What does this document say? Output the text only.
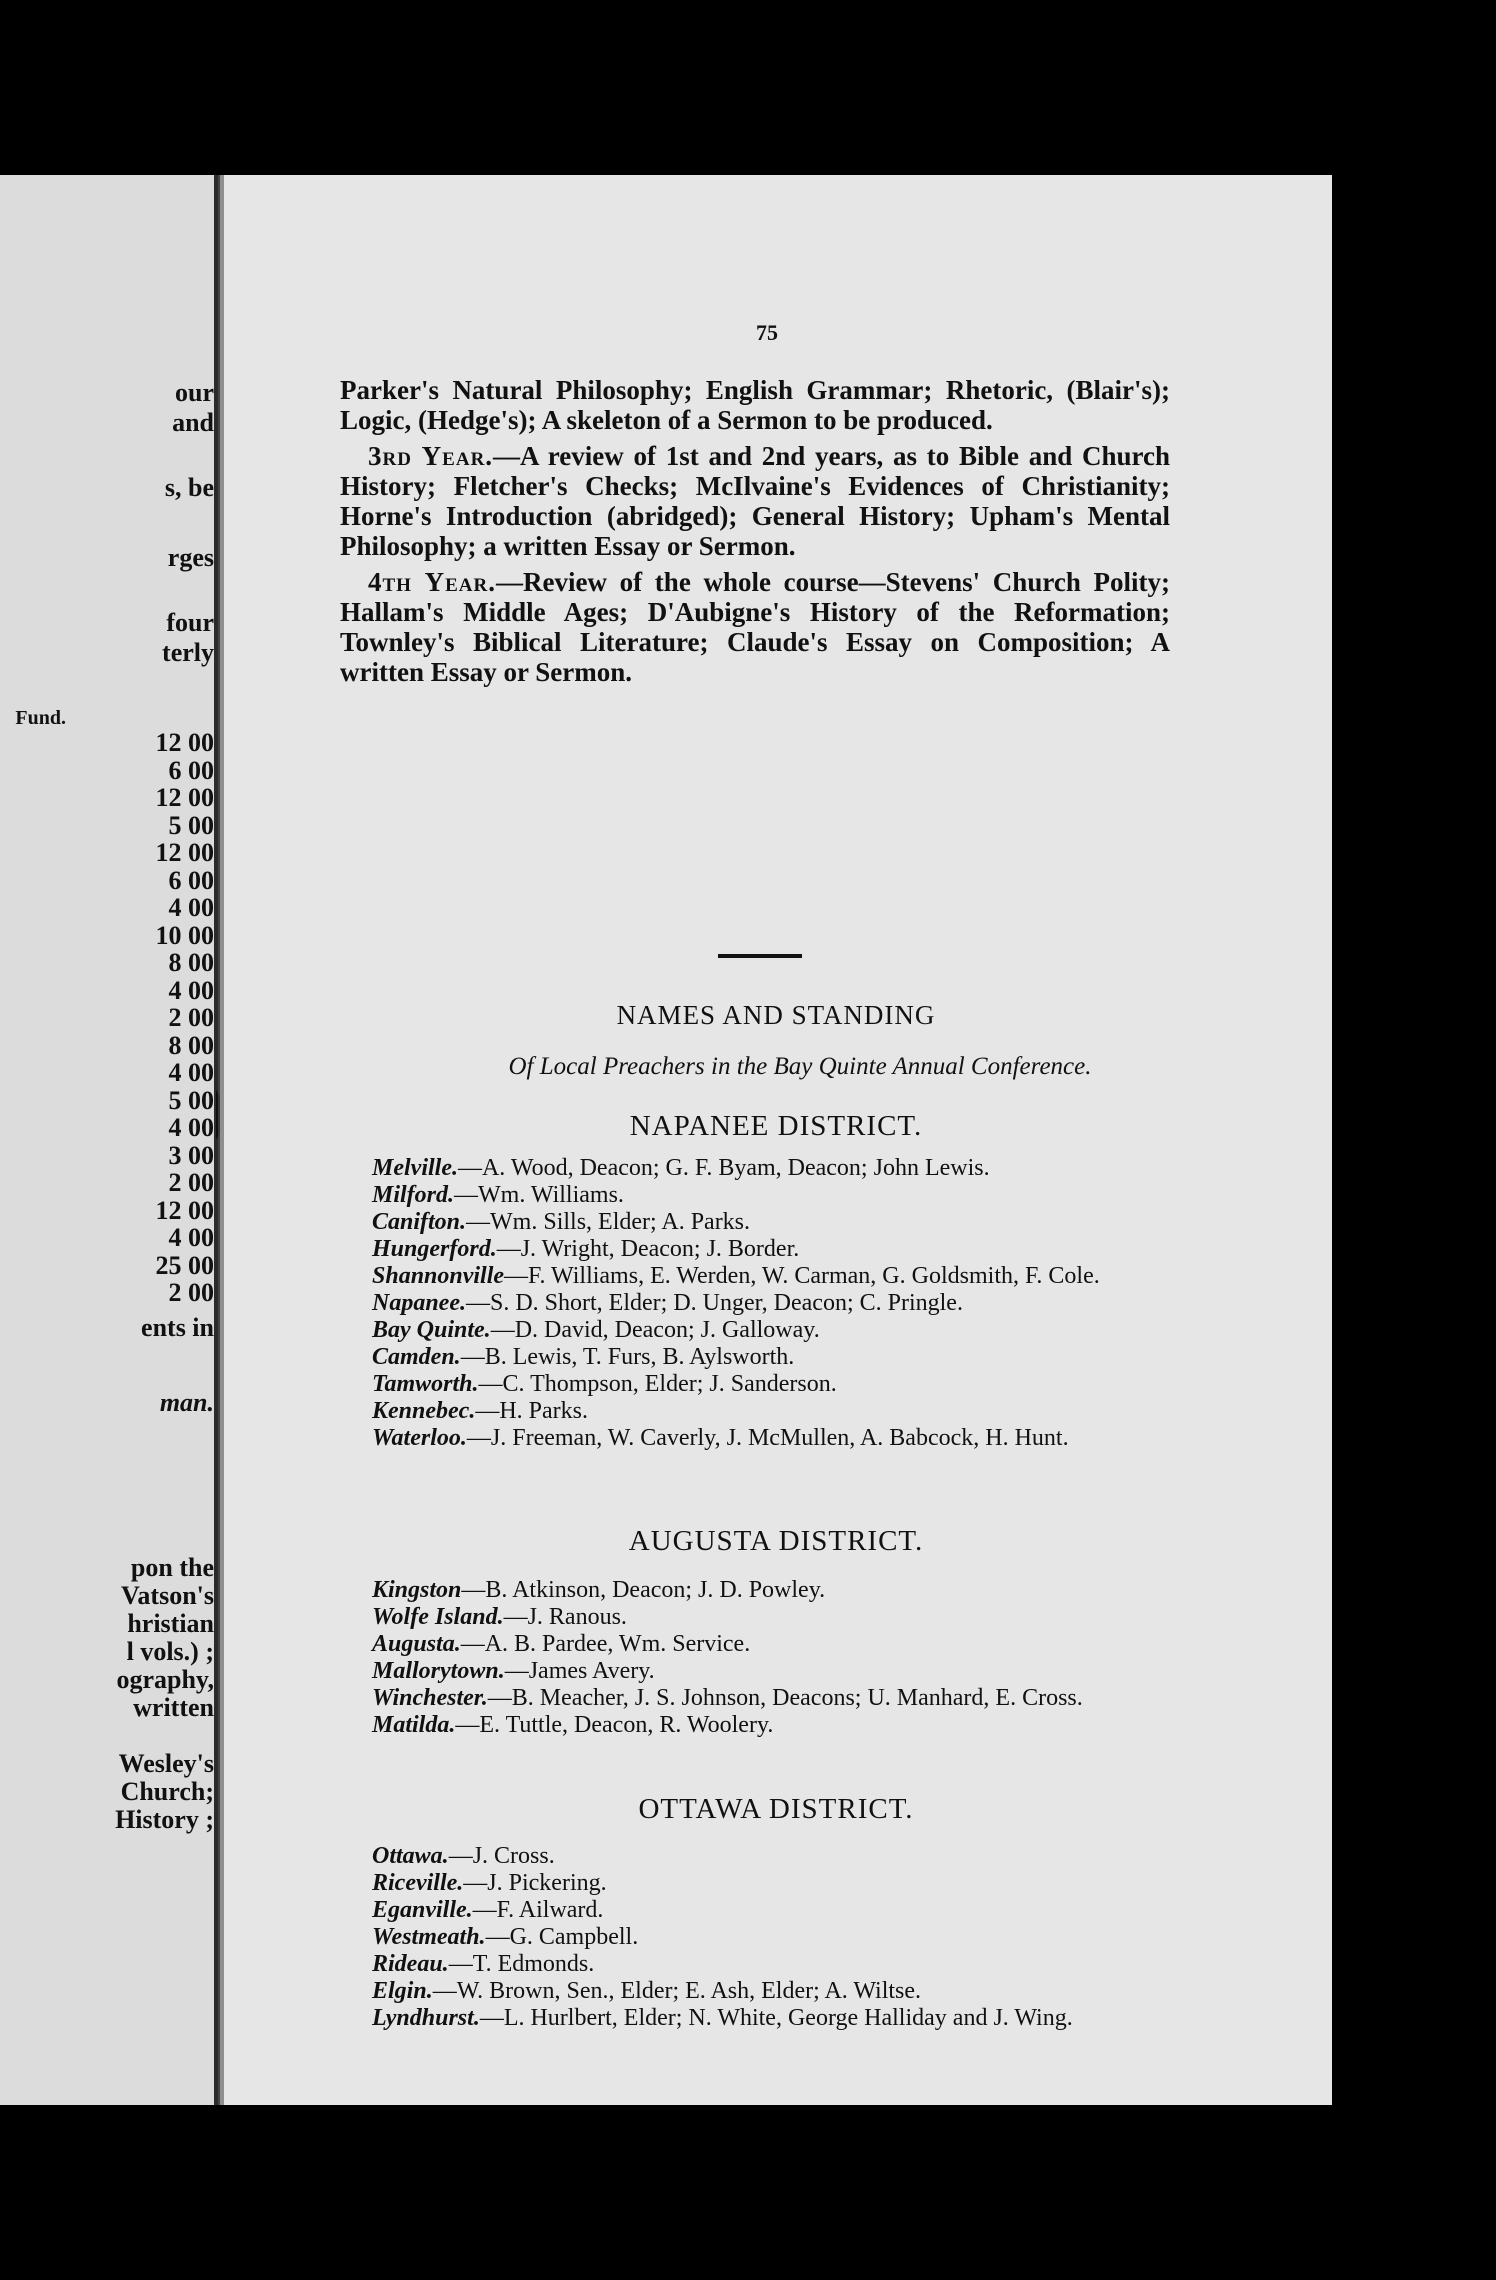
our
and
s, be
rges
four
terly
Fund.
12 00
6 00
12 00
5 00
12 00
6 00
4 00
10 00
8 00
4 00
2 00
8 00
4 00
5 00
4 00
3 00
2 00
12 00
4 00
25 00
2 00
ents in
man.
pon the
Vatson's
hristian
l vols.) ;
ography,
written
Wesley's
Church;
History ;
75

Parker's Natural Philosophy; English Grammar; Rhetoric, (Blair's); Logic, (Hedge's); A skeleton of a Sermon to be produced.

3rd Year.—A review of 1st and 2nd years, as to Bible and Church History; Fletcher's Checks; McIlvaine's Evidences of Christianity; Horne's Introduction (abridged); General History; Upham's Mental Philosophy; a written Essay or Sermon.

4th Year.—Review of the whole course—Stevens' Church Polity; Hallam's Middle Ages; D'Aubigne's History of the Reformation; Townley's Biblical Literature; Claude's Essay on Composition; A written Essay or Sermon.

NAMES AND STANDING
Of Local Preachers in the Bay Quinte Annual Conference.
NAPANEE DISTRICT.

Melville.—A. Wood, Deacon; G. F. Byam, Deacon; John Lewis.

Milford.—Wm. Williams.

Canifton.—Wm. Sills, Elder; A. Parks.

Hungerford.—J. Wright, Deacon; J. Border.

Shannonville—F. Williams, E. Werden, W. Carman, G. Goldsmith, F. Cole.

Napanee.—S. D. Short, Elder; D. Unger, Deacon; C. Pringle.

Bay Quinte.—D. David, Deacon; J. Galloway.

Camden.—B. Lewis, T. Furs, B. Aylsworth.

Tamworth.—C. Thompson, Elder; J. Sanderson.

Kennebec.—H. Parks.

Waterloo.—J. Freeman, W. Caverly, J. McMullen, A. Babcock, H. Hunt.

AUGUSTA DISTRICT.

Kingston—B. Atkinson, Deacon; J. D. Powley.

Wolfe Island.—J. Ranous.

Augusta.—A. B. Pardee, Wm. Service.

Mallorytown.—James Avery.

Winchester.—B. Meacher, J. S. Johnson, Deacons; U. Manhard, E. Cross.

Matilda.—E. Tuttle, Deacon, R. Woolery.

OTTAWA DISTRICT.

Ottawa.—J. Cross.

Riceville.—J. Pickering.

Eganville.—F. Ailward.

Westmeath.—G. Campbell.

Rideau.—T. Edmonds.

Elgin.—W. Brown, Sen., Elder; E. Ash, Elder; A. Wiltse.

Lyndhurst.—L. Hurlbert, Elder; N. White, George Halliday and J. Wing.
